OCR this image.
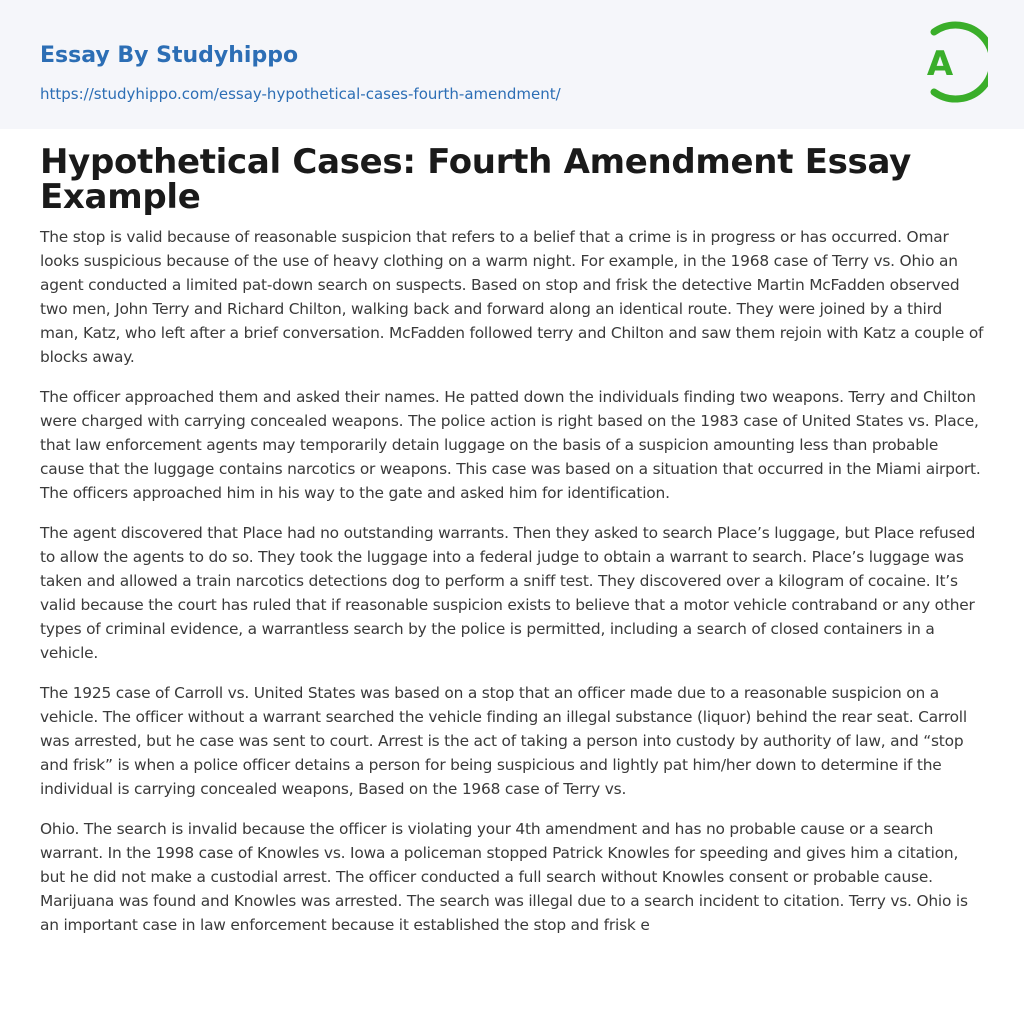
Essay By Studyhippo
https://studyhippo.com/essay-hypothetical-cases-fourth-amendment/
A
Hypothetical Cases: Fourth Amendment Essay Example

The stop is valid because of reasonable suspicion that refers to a belief that a crime is in progress or has occurred. Omar looks suspicious because of the use of heavy clothing on a warm night. For example, in the 1968 case of Terry vs. Ohio an agent conducted a limited pat-down search on suspects. Based on stop and frisk the detective Martin McFadden observed two men, John Terry and Richard Chilton, walking back and forward along an identical route. They were joined by a third man, Katz, who left after a brief conversation. McFadden followed terry and Chilton and saw them rejoin with Katz a couple of blocks away.

The officer approached them and asked their names. He patted down the individuals finding two weapons. Terry and Chilton were charged with carrying concealed weapons. The police action is right based on the 1983 case of United States vs. Place, that law enforcement agents may temporarily detain luggage on the basis of a suspicion amounting less than probable cause that the luggage contains narcotics or weapons. This case was based on a situation that occurred in the Miami airport. The officers approached him in his way to the gate and asked him for identification.

The agent discovered that Place had no outstanding warrants. Then they asked to search Place’s luggage, but Place refused to allow the agents to do so. They took the luggage into a federal judge to obtain a warrant to search. Place’s luggage was taken and allowed a train narcotics detections dog to perform a sniff test. They discovered over a kilogram of cocaine. It’s valid because the court has ruled that if reasonable suspicion exists to believe that a motor vehicle contraband or any other types of criminal evidence, a warrantless search by the police is permitted, including a search of closed containers in a vehicle.

The 1925 case of Carroll vs. United States was based on a stop that an officer made due to a reasonable suspicion on a vehicle. The officer without a warrant searched the vehicle finding an illegal substance (liquor) behind the rear seat. Carroll was arrested, but he case was sent to court. Arrest is the act of taking a person into custody by authority of law, and “stop and frisk” is when a police officer detains a person for being suspicious and lightly pat him/her down to determine if the individual is carrying concealed weapons, Based on the 1968 case of Terry vs.

Ohio. The search is invalid because the officer is violating your 4th amendment and has no probable cause or a search warrant. In the 1998 case of Knowles vs. Iowa a policeman stopped Patrick Knowles for speeding and gives him a citation, but he did not make a custodial arrest. The officer conducted a full search without Knowles consent or probable cause. Marijuana was found and Knowles was arrested. The search was illegal due to a search incident to citation. Terry vs. Ohio is an important case in law enforcement because it established the stop and frisk e
